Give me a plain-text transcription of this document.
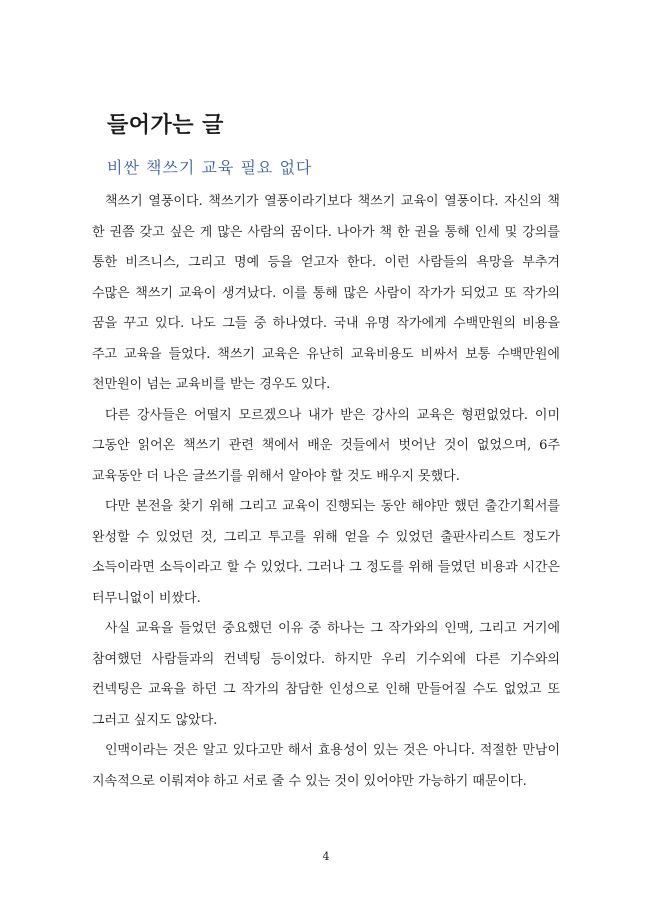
들어가는 글
비싼 책쓰기 교육 필요 없다

책쓰기 열풍이다. 책쓰기가 열풍이라기보다 책쓰기 교육이 열풍이다. 자신의 책 한 권쯤 갖고 싶은 게 많은 사람의 꿈이다. 나아가 책 한 권을 통해 인세 및 강의를 통한 비즈니스, 그리고 명예 등을 얻고자 한다. 이런 사람들의 욕망을 부추겨 수많은 책쓰기 교육이 생겨났다. 이를 통해 많은 사람이 작가가 되었고 또 작가의 꿈을 꾸고 있다. 나도 그들 중 하나였다. 국내 유명 작가에게 수백만원의 비용을 주고 교육을 들었다. 책쓰기 교육은 유난히 교육비용도 비싸서 보통 수백만원에 천만원이 넘는 교육비를 받는 경우도 있다.

다른 강사들은 어떨지 모르겠으나 내가 받은 강사의 교육은 형편없었다. 이미 그동안 읽어온 책쓰기 관련 책에서 배운 것들에서 벗어난 것이 없었으며, 6주 교육동안 더 나은 글쓰기를 위해서 알아야 할 것도 배우지 못했다.

다만 본전을 찾기 위해 그리고 교육이 진행되는 동안 해야만 했던 출간기획서를 완성할 수 있었던 것, 그리고 투고를 위해 얻을 수 있었던 출판사리스트 정도가 소득이라면 소득이라고 할 수 있었다. 그러나 그 정도를 위해 들였던 비용과 시간은 터무니없이 비쌌다.

사실 교육을 들었던 중요했던 이유 중 하나는 그 작가와의 인맥, 그리고 거기에 참여했던 사람들과의 컨넥팅 등이었다. 하지만 우리 기수외에 다른 기수와의 컨넥팅은 교육을 하던 그 작가의 참담한 인성으로 인해 만들어질 수도 없었고 또 그러고 싶지도 않았다.

인맥이라는 것은 알고 있다고만 해서 효용성이 있는 것은 아니다. 적절한 만남이 지속적으로 이뤄져야 하고 서로 줄 수 있는 것이 있어야만 가능하기 때문이다.

4
